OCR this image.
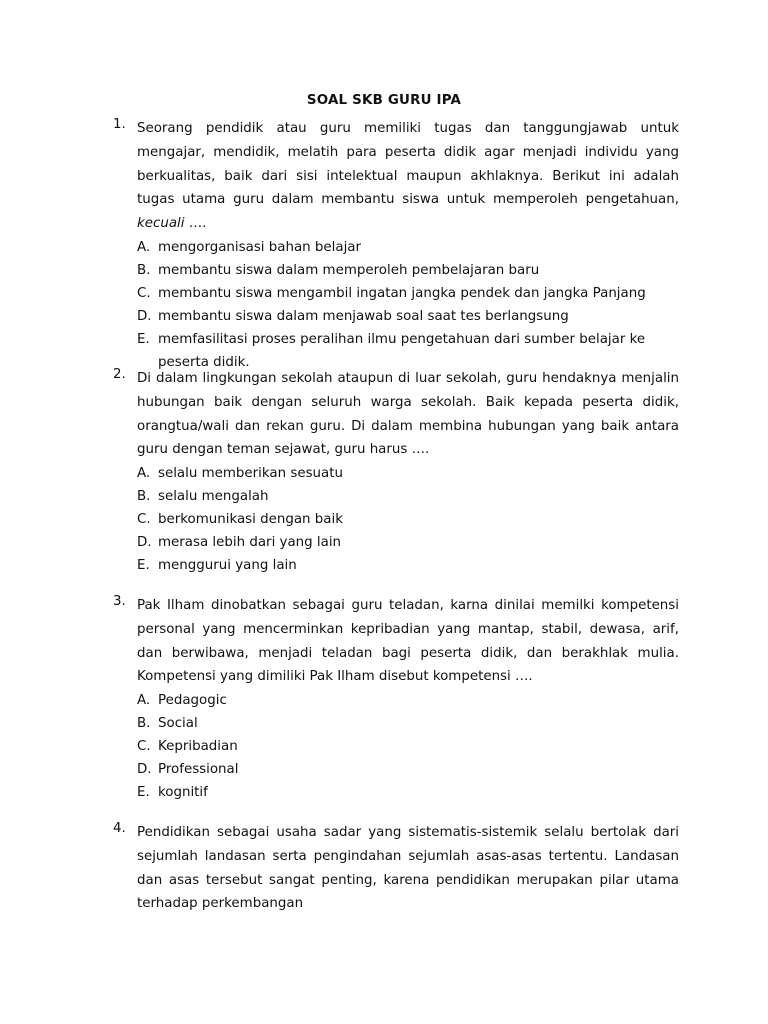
SOAL SKB GURU IPA
1. Seorang pendidik atau guru memiliki tugas dan tanggungjawab untuk mengajar, mendidik, melatih para peserta didik agar menjadi individu yang berkualitas, baik dari sisi intelektual maupun akhlaknya. Berikut ini adalah tugas utama guru dalam membantu siswa untuk memperoleh pengetahuan, kecuali ….
A. mengorganisasi bahan belajar
B. membantu siswa dalam memperoleh pembelajaran baru
C. membantu siswa mengambil ingatan jangka pendek dan jangka Panjang
D. membantu siswa dalam menjawab soal saat tes berlangsung
E. memfasilitasi proses peralihan ilmu pengetahuan dari sumber belajar ke peserta didik.
2. Di dalam lingkungan sekolah ataupun di luar sekolah, guru hendaknya menjalin hubungan baik dengan seluruh warga sekolah. Baik kepada peserta didik, orangtua/wali dan rekan guru. Di dalam membina hubungan yang baik antara guru dengan teman sejawat, guru harus ….
A. selalu memberikan sesuatu
B. selalu mengalah
C. berkomunikasi dengan baik
D. merasa lebih dari yang lain
E. menggurui yang lain
3. Pak Ilham dinobatkan sebagai guru teladan, karna dinilai memilki kompetensi personal yang mencerminkan kepribadian yang mantap, stabil, dewasa, arif, dan berwibawa, menjadi teladan bagi peserta didik, dan berakhlak mulia. Kompetensi yang dimiliki Pak Ilham disebut kompetensi ….
A. Pedagogic
B. Social
C. Kepribadian
D. Professional
E. kognitif
4. Pendidikan sebagai usaha sadar yang sistematis-sistemik selalu bertolak dari sejumlah landasan serta pengindahan sejumlah asas-asas tertentu. Landasan dan asas tersebut sangat penting, karena pendidikan merupakan pilar utama terhadap perkembangan
